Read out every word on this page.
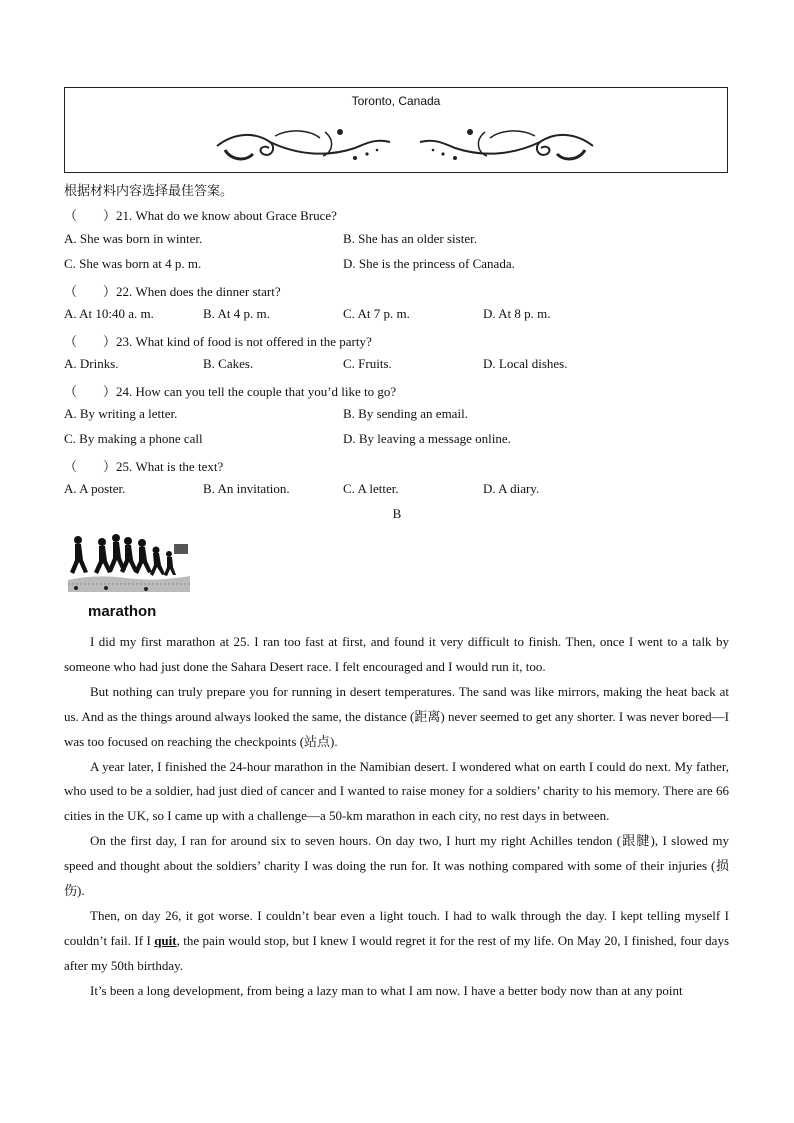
Toronto, Canada
根据材料内容选择最佳答案。
（　　）21. What do we know about Grace Bruce?
A. She was born in winter.	B. She has an older sister.
C. She was born at 4 p. m.	D. She is the princess of Canada.
（　　）22. When does the dinner start?
A. At 10:40 a. m.	B. At 4 p. m.	C. At 7 p. m.	D. At 8 p. m.
（　　）23. What kind of food is not offered in the party?
A. Drinks.	B. Cakes.	C. Fruits.	D. Local dishes.
（　　）24. How can you tell the couple that you’d like to go?
A. By writing a letter.	B. By sending an email.
C. By making a phone call	D. By leaving a message online.
（　　）25. What is the text?
A. A poster.	B. An invitation.	C. A letter.	D. A diary.
B
marathon

I did my first marathon at 25. I ran too fast at first, and found it very difficult to finish. Then, once I went to a talk by someone who had just done the Sahara Desert race. I felt encouraged and I would run it, too.

But nothing can truly prepare you for running in desert temperatures. The sand was like mirrors, making the heat back at us. And as the things around always looked the same, the distance (距离) never seemed to get any shorter. I was never bored—I was too focused on reaching the checkpoints (站点).

A year later, I finished the 24-hour marathon in the Namibian desert. I wondered what on earth I could do next. My father, who used to be a soldier, had just died of cancer and I wanted to raise money for a soldiers’ charity to his memory. There are 66 cities in the UK, so I came up with a challenge—a 50-km marathon in each city, no rest days in between.

On the first day, I ran for around six to seven hours. On day two, I hurt my right Achilles tendon (跟腱), I slowed my speed and thought about the soldiers’ charity I was doing the run for. It was nothing compared with some of their injuries (损伤).

Then, on day 26, it got worse. I couldn’t bear even a light touch. I had to walk through the day. I kept telling myself I couldn’t fail. If I quit, the pain would stop, but I knew I would regret it for the rest of my life. On May 20, I finished, four days after my 50th birthday.

It’s been a long development, from being a lazy man to what I am now. I have a better body now than at any point
